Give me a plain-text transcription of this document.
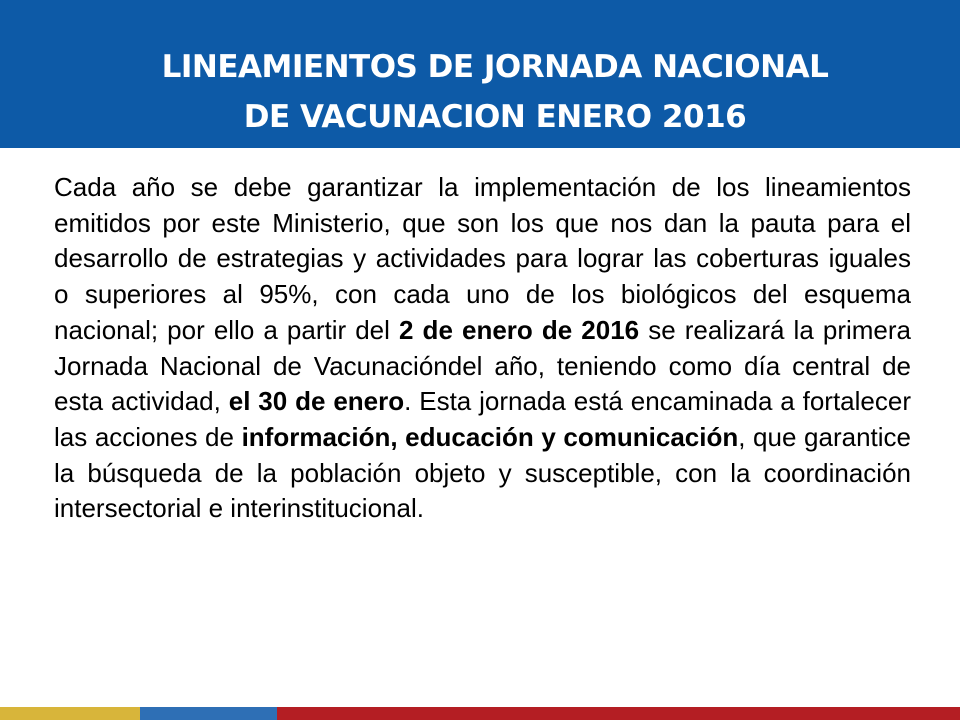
LINEAMIENTOS DE JORNADA NACIONAL
DE VACUNACION ENERO 2016

Cada año se debe garantizar la implementación de los lineamientos emitidos por este Ministerio, que son los que nos dan la pauta para el desarrollo de estrategias y actividades para lograr las coberturas iguales o superiores al 95%, con cada uno de los biológicos del esquema nacional; por ello a partir del 2 de enero de 2016 se realizará la primera Jornada Nacional de Vacunacióndel año, teniendo como día central de esta actividad, el 30 de enero. Esta jornada está encaminada a fortalecer las acciones de información, educación y comunicación, que garantice la búsqueda de la población objeto y susceptible, con la coordinación intersectorial e interinstitucional.
